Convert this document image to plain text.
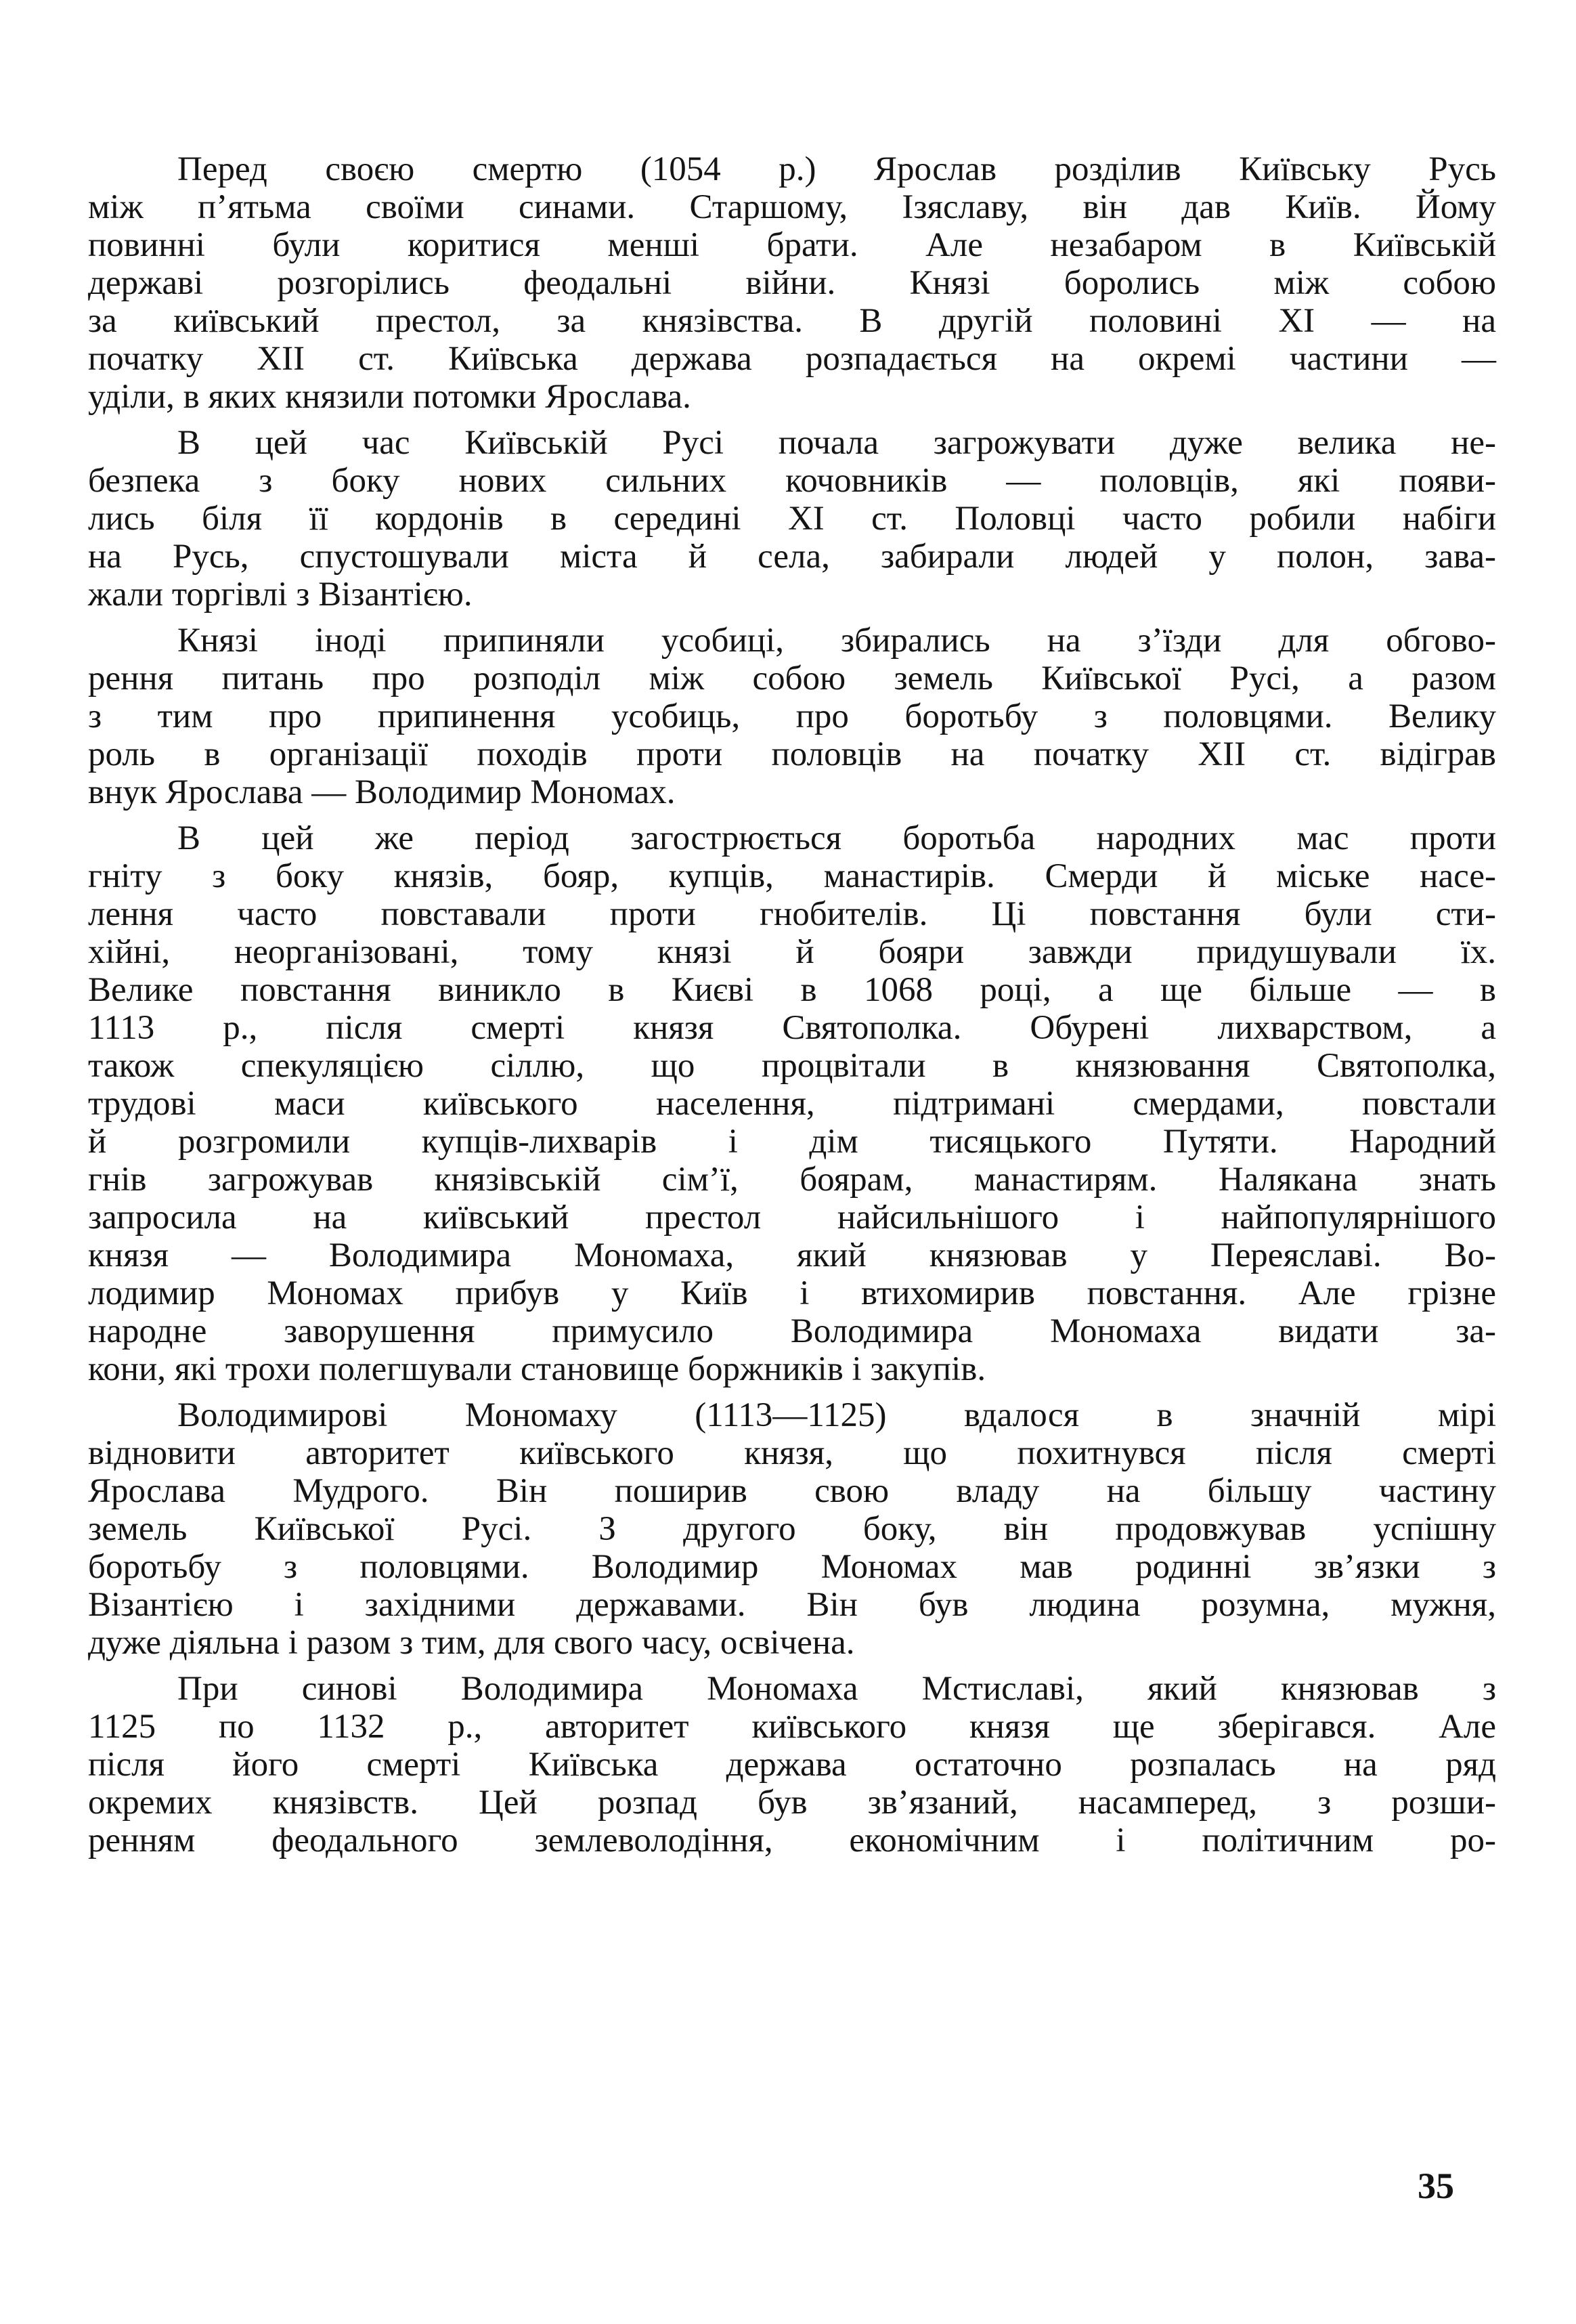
Перед своєю смертю (1054 р.) Ярослав розділив Київську Русь
між п’ятьма своїми синами. Старшому, Ізяславу, він дав Київ. Йому
повинні були коритися менші брати. Але незабаром в Київській
державі розгорілись феодальні війни. Князі боролись між собою
за київський престол, за князівства. В другій половині XI — на
початку XII ст. Київська держава розпадається на окремі частини —
уділи, в яких князили потомки Ярослава.

В цей час Київській Русі почала загрожувати дуже велика не-
безпека з боку нових сильних кочовників — половців, які появи-
лись біля її кордонів в середині XI ст. Половці часто робили набіги
на Русь, спустошували міста й села, забирали людей у полон, зава-
жали торгівлі з Візантією.

Князі іноді припиняли усобиці, збирались на з’їзди для обгово-
рення питань про розподіл між собою земель Київської Русі, а разом
з тим про припинення усобиць, про боротьбу з половцями. Велику
роль в організації походів проти половців на початку XII ст. відіграв
внук Ярослава — Володимир Мономах.

В цей же період загострюється боротьба народних мас проти
гніту з боку князів, бояр, купців, манастирів. Смерди й міське насе-
лення часто повставали проти гнобителів. Ці повстання були сти-
хійні, неорганізовані, тому князі й бояри завжди придушували їх.
Велике повстання виникло в Києві в 1068 році, а ще більше — в
1113 р., після смерті князя Святополка. Обурені лихварством, а
також спекуляцією сіллю, що процвітали в князювання Святополка,
трудові маси київського населення, підтримані смердами, повстали
й розгромили купців-лихварів і дім тисяцького Путяти. Народний
гнів загрожував князівській сім’ї, боярам, манастирям. Налякана знать
запросила на київський престол найсильнішого і найпопулярнішого
князя — Володимира Мономаха, який князював у Переяславі. Во-
лодимир Мономах прибув у Київ і втихомирив повстання. Але грізне
народне заворушення примусило Володимира Мономаха видати за-
кони, які трохи полегшували становище боржників і закупів.

Володимирові Мономаху (1113—1125) вдалося в значній мірі
відновити авторитет київського князя, що похитнувся після смерті
Ярослава Мудрого. Він поширив свою владу на більшу частину
земель Київської Русі. З другого боку, він продовжував успішну
боротьбу з половцями. Володимир Мономах мав родинні зв’язки з
Візантією і західними державами. Він був людина розумна, мужня,
дуже діяльна і разом з тим, для свого часу, освічена.

При синові Володимира Мономаха Мстиславі, який князював з
1125 по 1132 р., авторитет київського князя ще зберігався. Але
після його смерті Київська держава остаточно розпалась на ряд
окремих князівств. Цей розпад був зв’язаний, насамперед, з розши-
ренням феодального землеволодіння, економічним і політичним ро-

35
